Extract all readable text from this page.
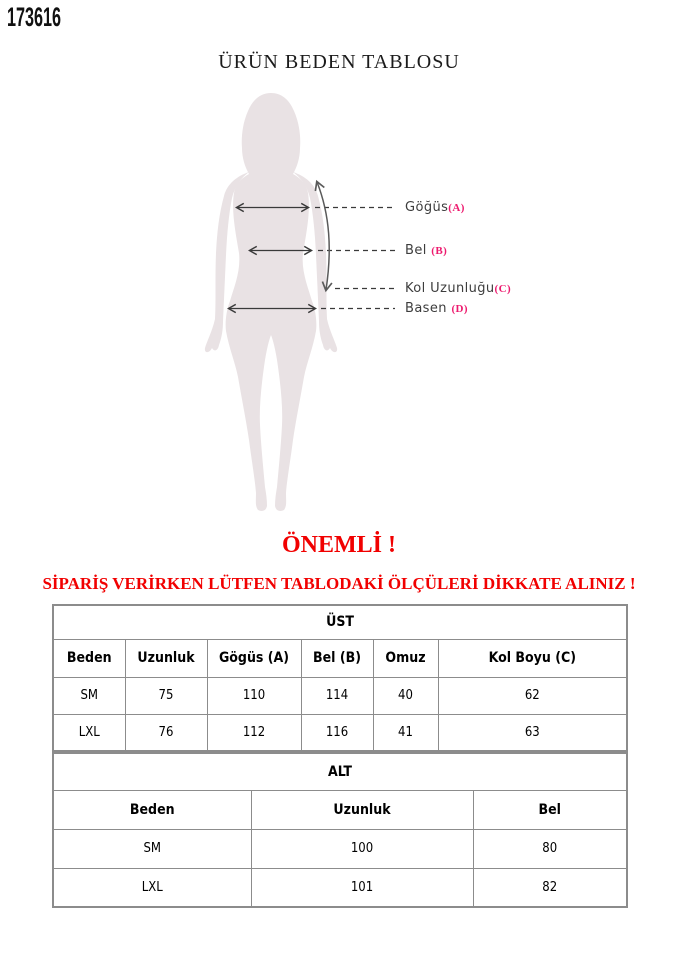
173616
ÜRÜN BEDEN TABLOSU
Göğüs(A)
Bel (B)
Kol Uzunluğu(C)
Basen (D)
ÖNEMLİ !
SİPARİŞ VERİRKEN LÜTFEN TABLODAKİ ÖLÇÜLERİ DİKKATE ALINIZ !
ÜST					
Beden	Uzunluk	Gögüs (A)	Bel (B)	Omuz	Kol Boyu (C)
SM	75	110	114	40	62
LXL	76	112	116	41	63
ALT		
Beden	Uzunluk	Bel
SM	100	80
LXL	101	82
